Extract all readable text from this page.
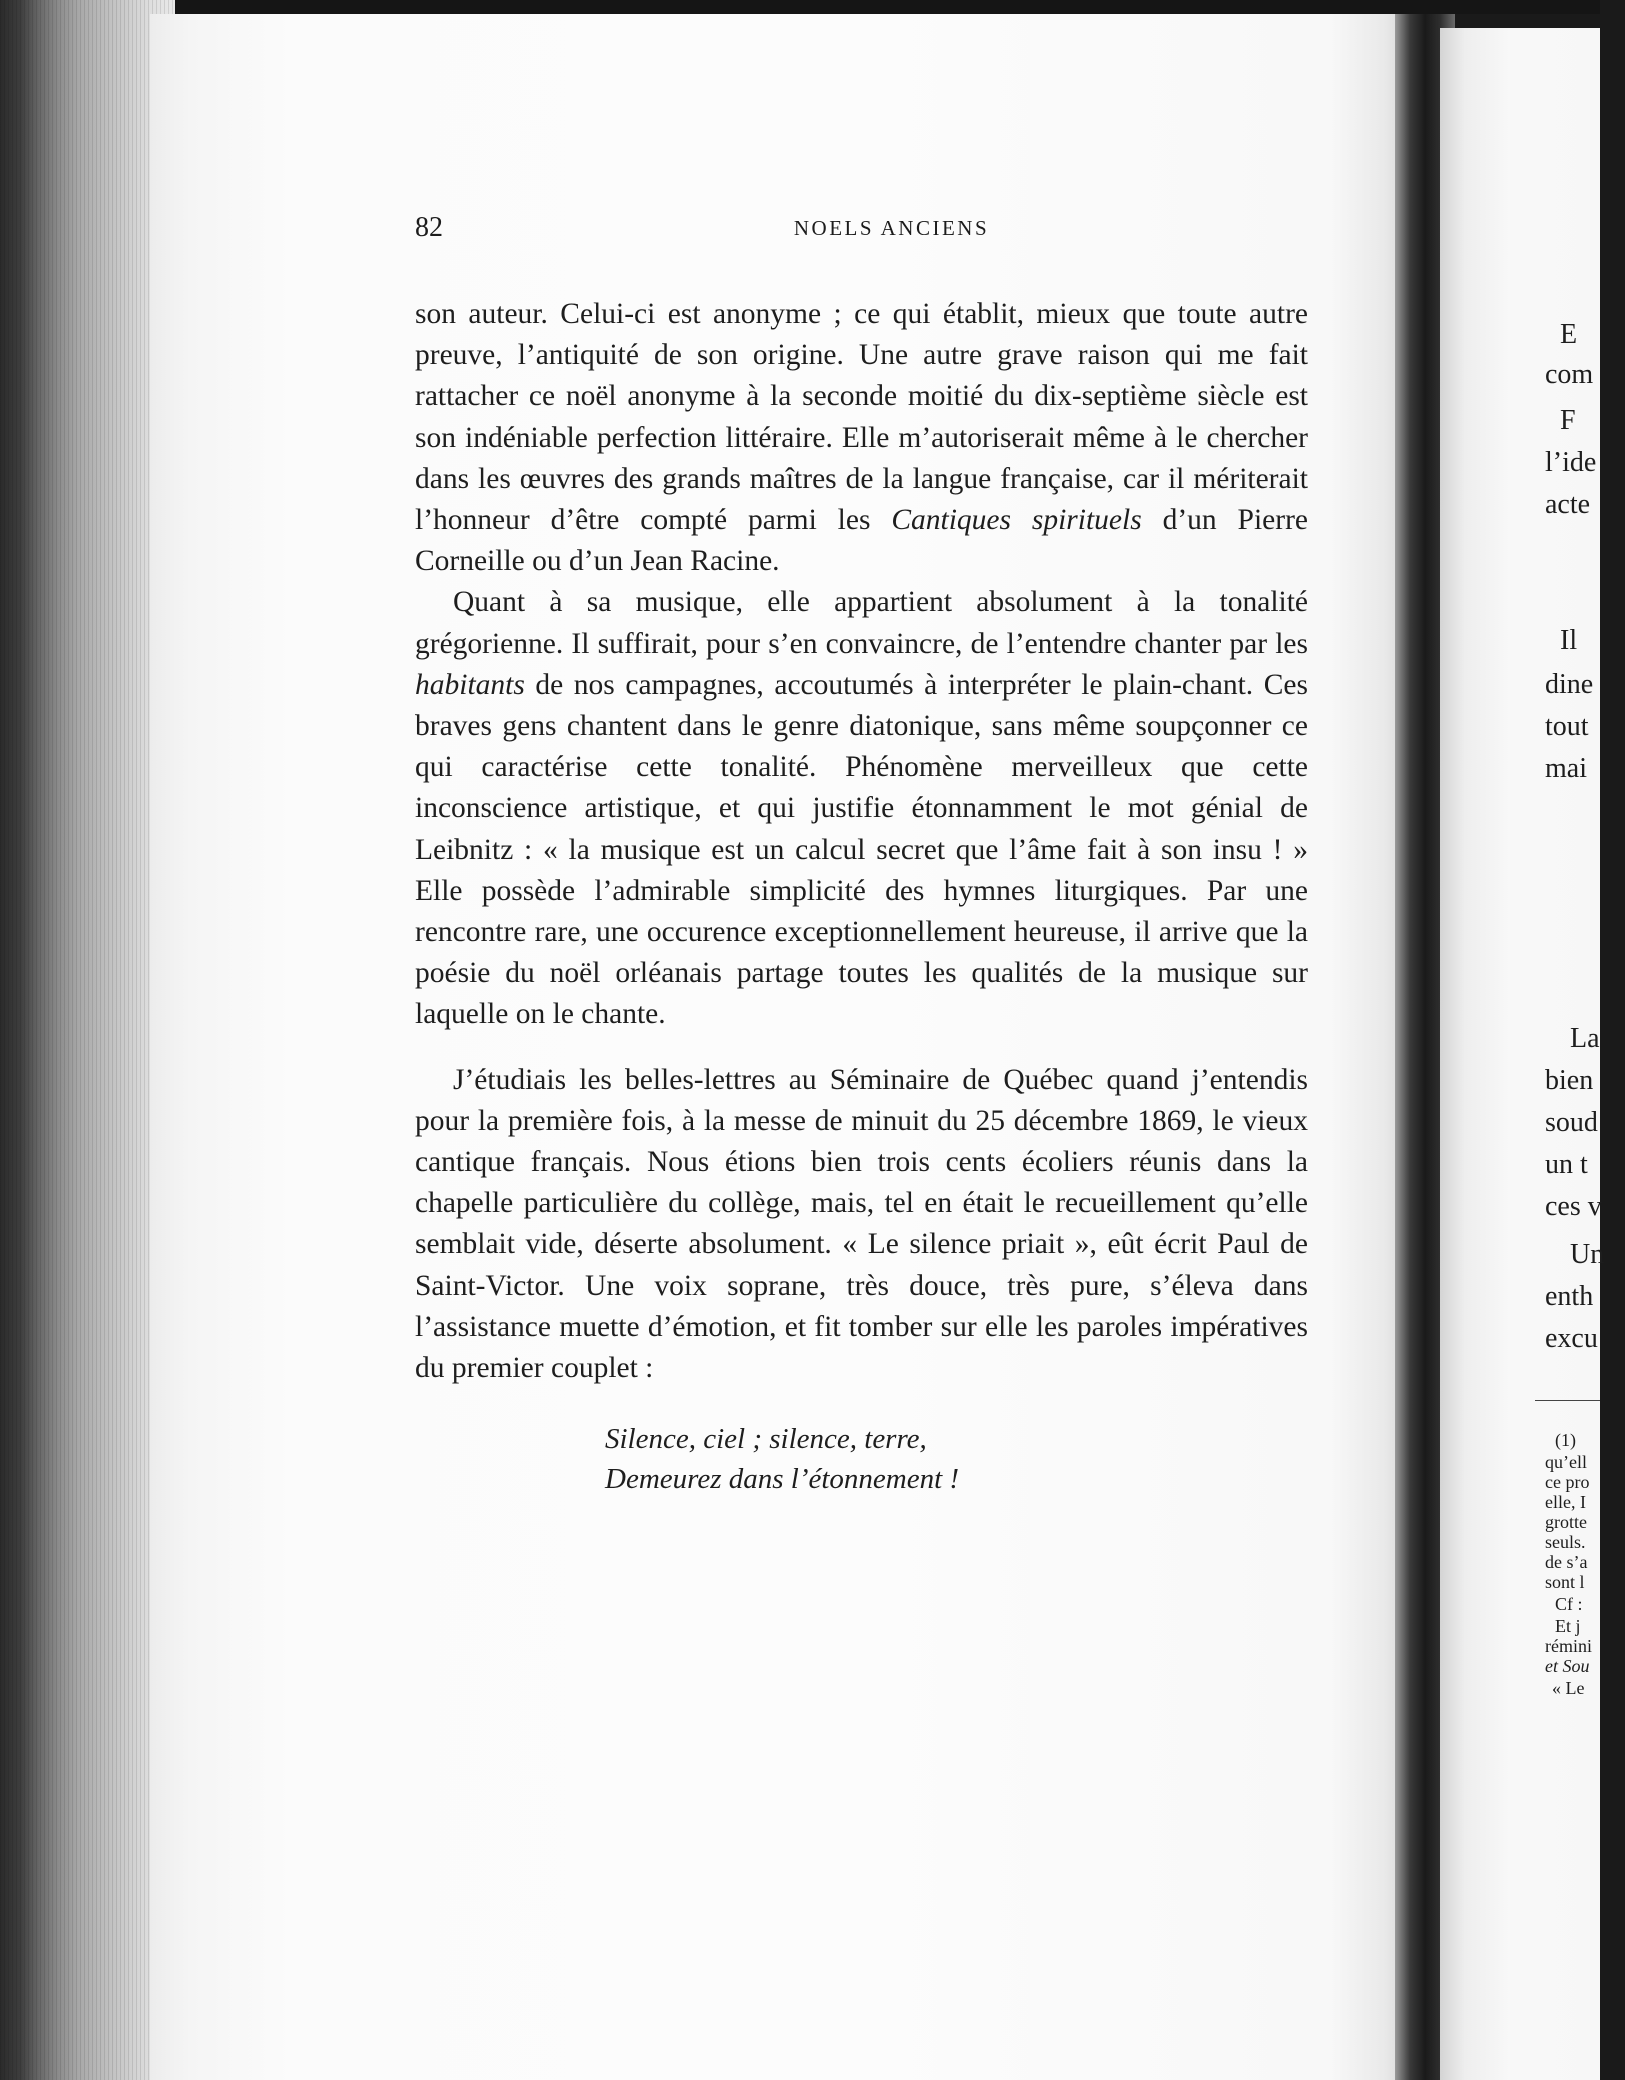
82	NOELS ANCIENS

son auteur. Celui-ci est anonyme ; ce qui établit, mieux que toute autre preuve, l’antiquité de son origine. Une autre grave raison qui me fait rattacher ce noël anonyme à la seconde moitié du dix-septième siècle est son indéniable perfection littéraire. Elle m’autoriserait même à le chercher dans les œuvres des grands maîtres de la langue française, car il mériterait l’honneur d’être compté parmi les Cantiques spirituels d’un Pierre Corneille ou d’un Jean Racine.

Quant à sa musique, elle appartient absolument à la tonalité grégorienne. Il suffirait, pour s’en convaincre, de l’entendre chanter par les habitants de nos campagnes, accoutumés à interpréter le plain-chant. Ces braves gens chantent dans le genre diatonique, sans même soupçonner ce qui caractérise cette tonalité. Phénomène merveilleux que cette inconscience artistique, et qui justifie étonnamment le mot génial de Leibnitz : « la musique est un calcul secret que l’âme fait à son insu ! » Elle possède l’admirable simplicité des hymnes liturgiques. Par une rencontre rare, une occurence exceptionnellement heureuse, il arrive que la poésie du noël orléanais partage toutes les qualités de la musique sur laquelle on le chante.

J’étudiais les belles-lettres au Séminaire de Québec quand j’entendis pour la première fois, à la messe de minuit du 25 décembre 1869, le vieux cantique français. Nous étions bien trois cents écoliers réunis dans la chapelle particulière du collège, mais, tel en était le recueillement qu’elle semblait vide, déserte absolument. « Le silence priait », eût écrit Paul de Saint-Victor. Une voix soprane, très douce, très pure, s’éleva dans l’assistance muette d’émotion, et fit tomber sur elle les paroles impératives du premier couplet :

Silence, ciel ; silence, terre,
Demeurez dans l’étonnement !
E
com
F
l’ide
acte
Il
dine
tout
mai
La
bien
soud
un t
ces v
Un
enth
excu
(1)
qu’ell
ce pro
elle, I
grotte
seuls.
de s’a
sont l
Cf :
Et j
rémini
et Sou
« Le
